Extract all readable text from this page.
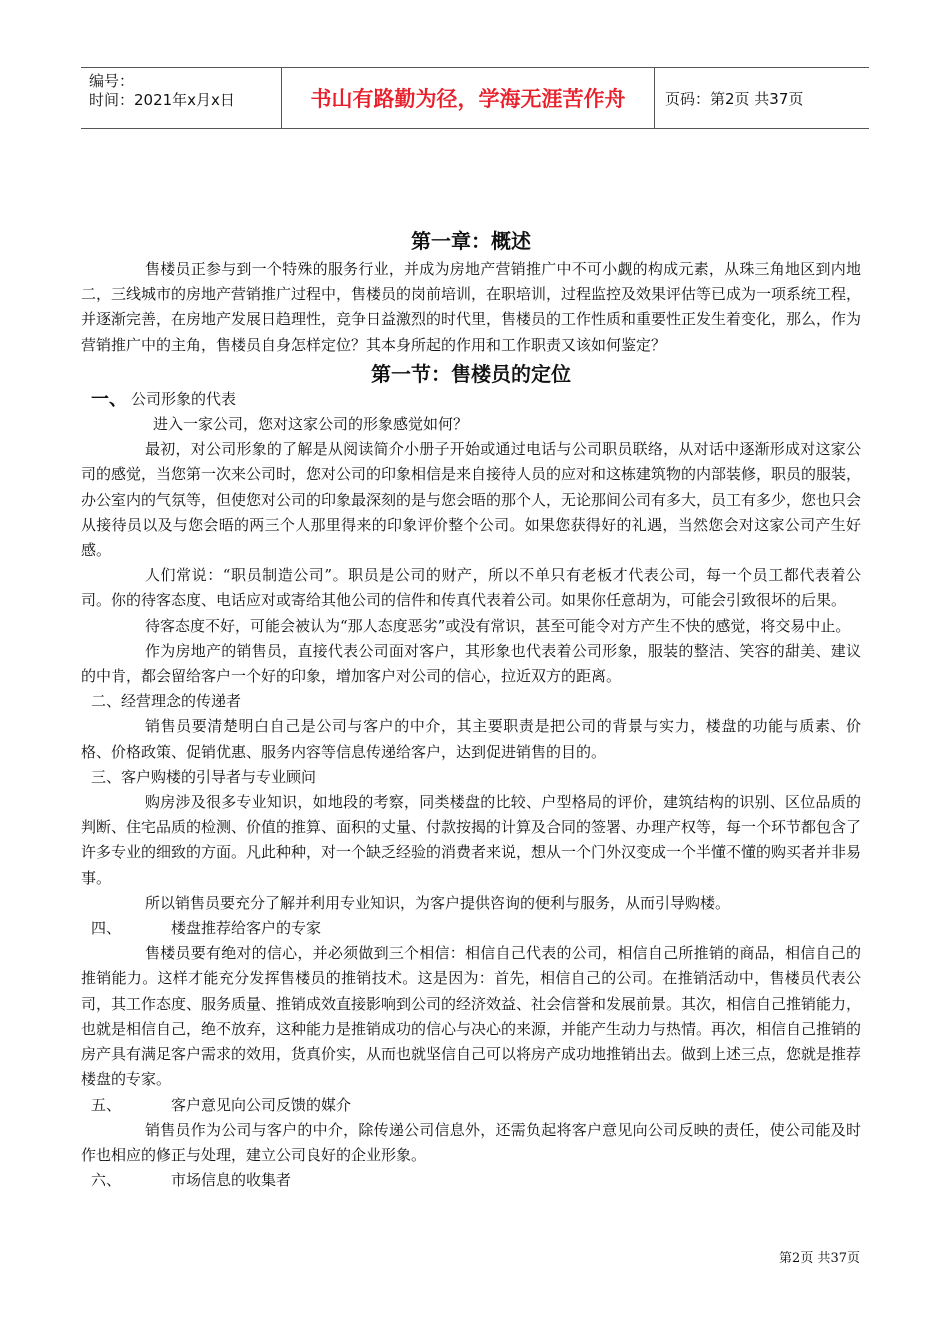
编号：
时间：2021年x月x日	书山有路勤为径，学海无涯苦作舟	页码：第2页 共37页
第一章：概述

售楼员正参与到一个特殊的服务行业，并成为房地产营销推广中不可小觑的构成元素，从珠三角地区到内地二，三线城市的房地产营销推广过程中，售楼员的岗前培训，在职培训，过程监控及效果评估等已成为一项系统工程，并逐渐完善，在房地产发展日趋理性，竞争日益激烈的时代里，售楼员的工作性质和重要性正发生着变化，那么，作为营销推广中的主角，售楼员自身怎样定位？其本身所起的作用和工作职责又该如何鉴定？

第一节：售楼员的定位
一、 公司形象的代表

进入一家公司，您对这家公司的形象感觉如何？

最初，对公司形象的了解是从阅读简介小册子开始或通过电话与公司职员联络，从对话中逐渐形成对这家公司的感觉，当您第一次来公司时，您对公司的印象相信是来自接待人员的应对和这栋建筑物的内部装修，职员的服装，办公室内的气氛等，但使您对公司的印象最深刻的是与您会晤的那个人，无论那间公司有多大，员工有多少，您也只会从接待员以及与您会晤的两三个人那里得来的印象评价整个公司。如果您获得好的礼遇，当然您会对这家公司产生好感。

人们常说：“职员制造公司”。职员是公司的财产，所以不单只有老板才代表公司，每一个员工都代表着公司。你的待客态度、电话应对或寄给其他公司的信件和传真代表着公司。如果你任意胡为，可能会引致很坏的后果。

待客态度不好，可能会被认为“那人态度恶劣”或没有常识，甚至可能令对方产生不快的感觉，将交易中止。

作为房地产的销售员，直接代表公司面对客户，其形象也代表着公司形象，服装的整洁、笑容的甜美、建议的中肯，都会留给客户一个好的印象，增加客户对公司的信心，拉近双方的距离。

二、 经营理念的传递者

销售员要清楚明白自己是公司与客户的中介，其主要职责是把公司的背景与实力，楼盘的功能与质素、价格、价格政策、促销优惠、服务内容等信息传递给客户，达到促进销售的目的。

三、 客户购楼的引导者与专业顾问

购房涉及很多专业知识，如地段的考察，同类楼盘的比较、户型格局的评价，建筑结构的识别、区位品质的判断、住宅品质的检测、价值的推算、面积的丈量、付款按揭的计算及合同的签署、办理产权等，每一个环节都包含了许多专业的细致的方面。凡此种种，对一个缺乏经验的消费者来说，想从一个门外汉变成一个半懂不懂的购买者并非易事。

所以销售员要充分了解并利用专业知识，为客户提供咨询的便利与服务，从而引导购楼。

四、	楼盘推荐给客户的专家

售楼员要有绝对的信心，并必须做到三个相信：相信自己代表的公司，相信自己所推销的商品，相信自己的推销能力。这样才能充分发挥售楼员的推销技术。这是因为：首先，相信自己的公司。在推销活动中，售楼员代表公司，其工作态度、服务质量、推销成效直接影响到公司的经济效益、社会信誉和发展前景。其次，相信自己推销能力，也就是相信自己，绝不放弃，这种能力是推销成功的信心与决心的来源，并能产生动力与热情。再次，相信自己推销的房产具有满足客户需求的效用，货真价实，从而也就坚信自己可以将房产成功地推销出去。做到上述三点，您就是推荐楼盘的专家。

五、	客户意见向公司反馈的媒介

销售员作为公司与客户的中介，除传递公司信息外，还需负起将客户意见向公司反映的责任，使公司能及时作也相应的修正与处理，建立公司良好的企业形象。

六、	市场信息的收集者
第2页 共37页
